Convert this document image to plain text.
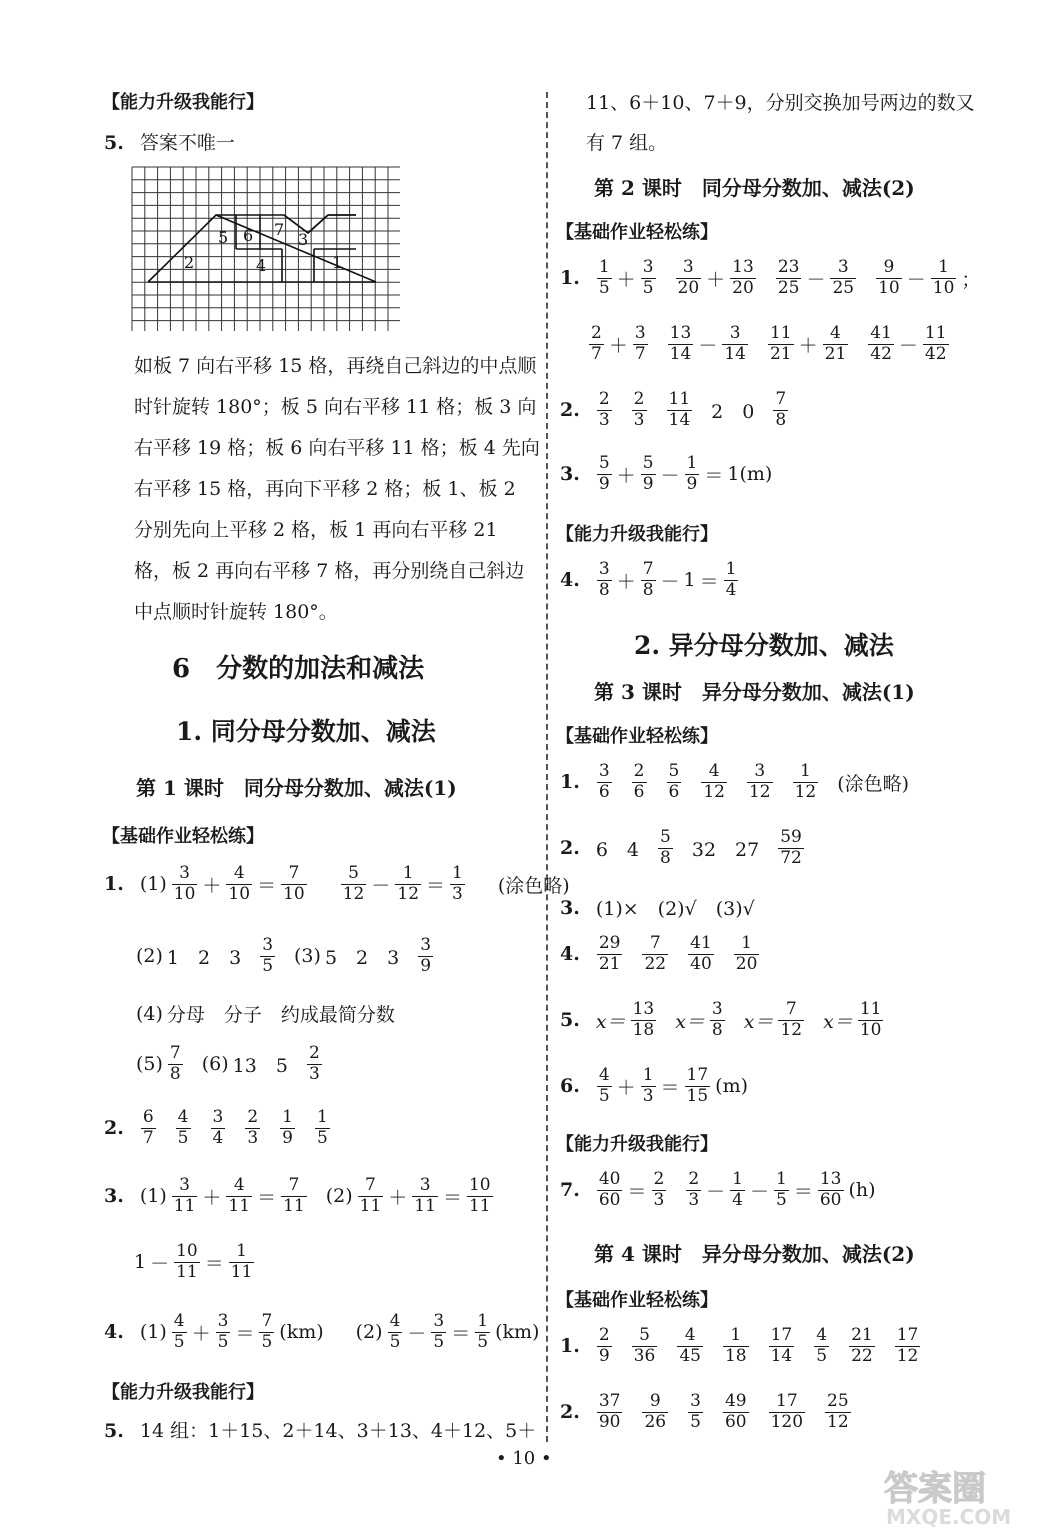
【能力升级我能行】
5. 答案不唯一
5 6 7
3
2	4	1
如板 7 向右平移 15 格，再绕自己斜边的中点顺时针旋转 180°；板 5 向右平移 11 格；板 3 向右平移 19 格；板 6 向右平移 11 格；板 4 先向右平移 15 格，再向下平移 2 格；板 1、板 2 分别先向上平移 2 格，板 1 再向右平移 21 格，板 2 再向右平移 7 格，再分别绕自己斜边中点顺时针旋转 180°。
6　分数的加法和减法
1. 同分母分数加、减法
第 1 课时　同分母分数加、减法(1)
【基础作业轻松练】
1. $(1) \frac{3}{10} + \frac{4}{10} = \frac{7}{10} \frac{5}{12} - \frac{1}{12} = \frac{1}{3}$ (涂色略)
(2) 1　2　$3 \frac{3}{5} (3)$ 5　2　$3 \frac{3}{9}$
(4) 分母　分子　约成最简分数
$(5) \frac{7}{8} (6)$ 13　$5 \frac{2}{3}$
2. $\frac{6}{7} \frac{4}{5} \frac{3}{4} \frac{2}{3} \frac{1}{9} \frac{1}{5}$
3. $(1) \frac{3}{11} + \frac{4}{11} = \frac{7}{11} (2) \frac{7}{11} + \frac{3}{11} = \frac{10}{11}$
$1 - \frac{10}{11} = \frac{1}{11}$
4. $(1) \frac{4}{5} + \frac{3}{5} = \frac{7}{5} (km)$ $(2) \frac{4}{5} - \frac{3}{5} = \frac{1}{5} (km)$
【能力升级我能行】
5. 14 组：1＋15、2＋14、3＋13、4＋12、5＋
11、6＋10、7＋9，分别交换加号两边的数又
有 7 组。
第 2 课时　同分母分数加、减法(2)
【基础作业轻松练】
1. $\frac{1}{5} + \frac{3}{5} \frac{3}{20} + \frac{13}{20} \frac{23}{25} - \frac{3}{25} \frac{9}{10} - \frac{1}{10}$ ；
$\frac{2}{7} + \frac{3}{7} \frac{13}{14} - \frac{3}{14} \frac{11}{21} + \frac{4}{21} \frac{41}{42} - \frac{11}{42}$
2. $\frac{2}{3} \frac{2}{3} \frac{11}{14} 2$　$0 \frac{7}{8}$
3. $\frac{5}{9} + \frac{5}{9} - \frac{1}{9} = 1(m)$
【能力升级我能行】
4. $\frac{3}{8} + \frac{7}{8} - 1 = \frac{1}{4}$
2. 异分母分数加、减法
第 3 课时　异分母分数加、减法(1)
【基础作业轻松练】
1. $\frac{3}{6} \frac{2}{6} \frac{5}{6} \frac{4}{12} \frac{3}{12} \frac{1}{12}$ (涂色略)
2. 6　$4 \frac{5}{8} 32$　$27 \frac{59}{72}$
3. (1)×　(2)√　(3)√
4. $\frac{29}{21} \frac{7}{22} \frac{41}{40} \frac{1}{20}$
5. $x= \frac{13}{18} x= \frac{3}{8} x= \frac{7}{12} x= \frac{11}{10}$
6. $\frac{4}{5} + \frac{1}{3} = \frac{17}{15} (m)$
【能力升级我能行】
7. $\frac{40}{60} = \frac{2}{3} \frac{2}{3} - \frac{1}{4} - \frac{1}{5} = \frac{13}{60} (h)$
第 4 课时　异分母分数加、减法(2)
【基础作业轻松练】
1. $\frac{2}{9} \frac{5}{36} \frac{4}{45} \frac{1}{18} \frac{17}{14} \frac{4}{5} \frac{21}{22} \frac{17}{12}$
2. $\frac{37}{90} \frac{9}{26} \frac{3}{5} \frac{49}{60} \frac{17}{120} \frac{25}{12}$
• 10 •
答案圈
MXQE.COM
